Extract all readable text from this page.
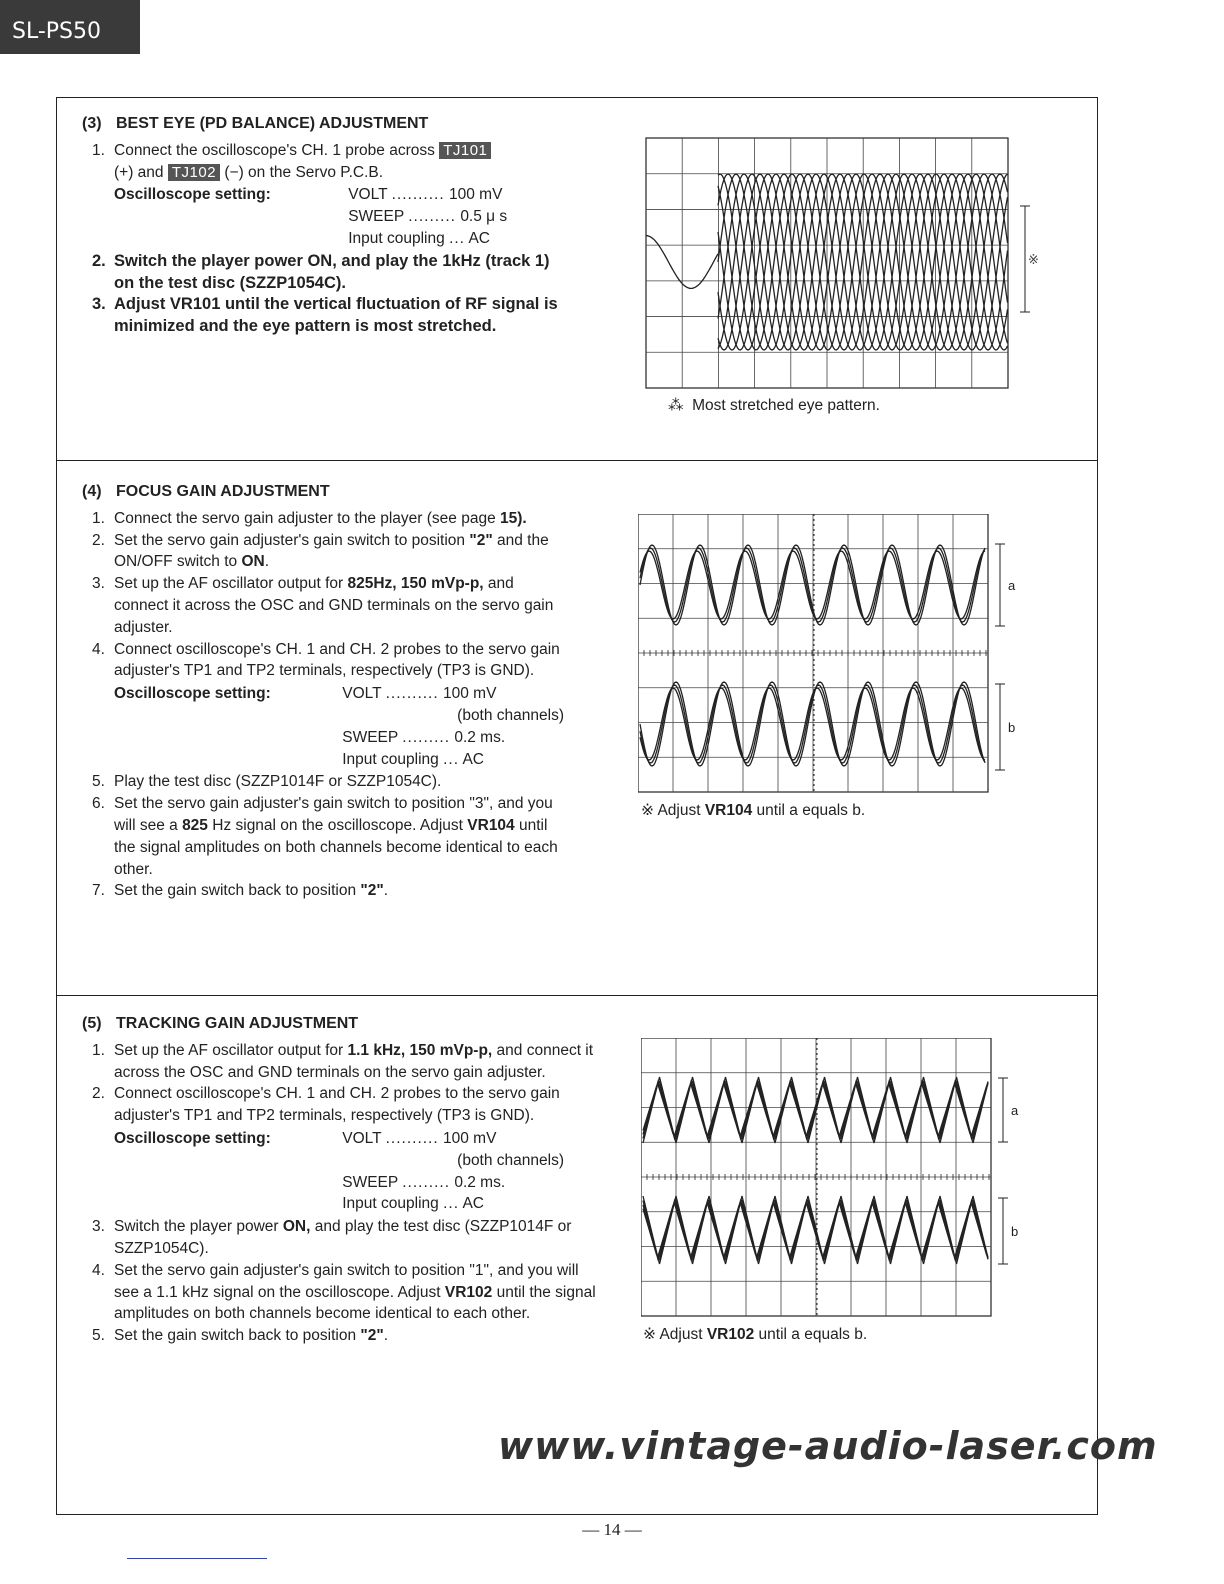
SL-PS50
(3) BEST EYE (PD BALANCE) ADJUSTMENT
1. Connect the oscilloscope's CH. 1 probe across TJ101
(+) and TJ102 (−) on the Servo P.C.B.
Oscilloscope setting:	VOLT .......... 100 mV
SWEEP ......... 0.5 μ s
Input coupling ... AC
2. Switch the player power ON, and play the 1kHz (track 1) on the test disc (SZZP1054C).
3. Adjust VR101 until the vertical fluctuation of RF signal is minimized and the eye pattern is most stretched.
※
⁂ Most stretched eye pattern.
(4) FOCUS GAIN ADJUSTMENT
1. Connect the servo gain adjuster to the player (see page 15).
2. Set the servo gain adjuster's gain switch to position "2" and the ON/OFF switch to ON.
3. Set up the AF oscillator output for 825Hz, 150 mVp-p, and connect it across the OSC and GND terminals on the servo gain adjuster.
4. Connect oscilloscope's CH. 1 and CH. 2 probes to the servo gain adjuster's TP1 and TP2 terminals, respectively (TP3 is GND).
Oscilloscope setting:	VOLT .......... 100 mV
(both channels)
SWEEP ......... 0.2 ms.
Input coupling ... AC
5. Play the test disc (SZZP1014F or SZZP1054C).
6. Set the servo gain adjuster's gain switch to position "3", and you will see a 825 Hz signal on the oscilloscope. Adjust VR104 until the signal amplitudes on both channels become identical to each other.
7. Set the gain switch back to position "2".
a
b
※ Adjust VR104 until a equals b.
(5) TRACKING GAIN ADJUSTMENT
1. Set up the AF oscillator output for 1.1 kHz, 150 mVp-p, and connect it across the OSC and GND terminals on the servo gain adjuster.
2. Connect oscilloscope's CH. 1 and CH. 2 probes to the servo gain adjuster's TP1 and TP2 terminals, respectively (TP3 is GND).
Oscilloscope setting:	VOLT .......... 100 mV
(both channels)
SWEEP ......... 0.2 ms.
Input coupling ... AC
3. Switch the player power ON, and play the test disc (SZZP1014F or SZZP1054C).
4. Set the servo gain adjuster's gain switch to position "1", and you will see a 1.1 kHz signal on the oscilloscope. Adjust VR102 until the signal amplitudes on both channels become identical to each other.
5. Set the gain switch back to position "2".
a
b
※ Adjust VR102 until a equals b.
www.vintage-audio-laser.com
— 14 —
